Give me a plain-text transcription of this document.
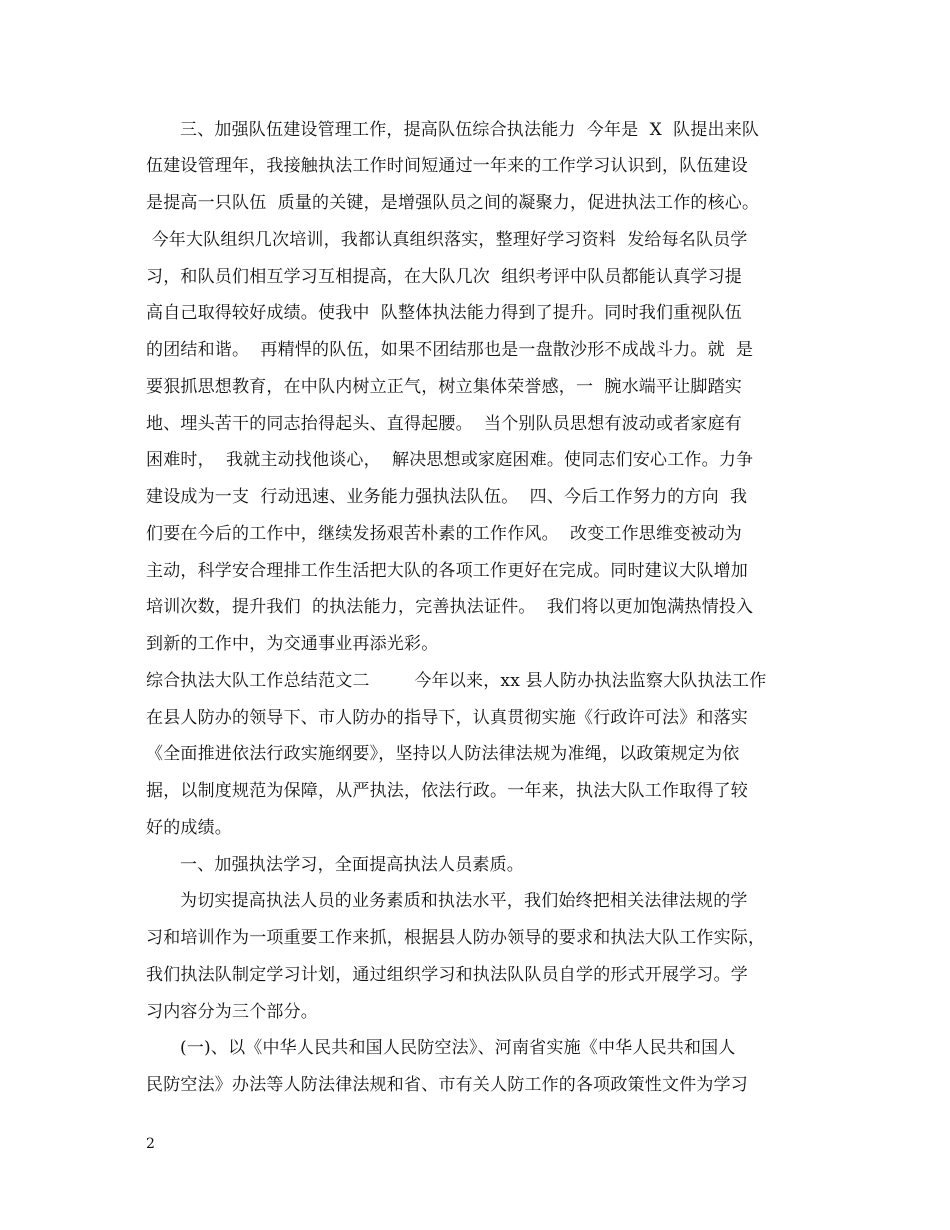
三、加强队伍建设管理工作，提高队伍综合执法能力  今年是  X  队提出来队
伍建设管理年，我接触执法工作时间短通过一年来的工作学习认识到，队伍建设
是提高一只队伍  质量的关键，是增强队员之间的凝聚力，促进执法工作的核心。
今年大队组织几次培训，我都认真组织落实，整理好学习资料  发给每名队员学
习，和队员们相互学习互相提高，在大队几次  组织考评中队员都能认真学习提
高自己取得较好成绩。使我中  队整体执法能力得到了提升。同时我们重视队伍
的团结和谐。  再精悍的队伍，如果不团结那也是一盘散沙形不成战斗力。就  是
要狠抓思想教育，在中队内树立正气，树立集体荣誉感，一  腕水端平让脚踏实
地、埋头苦干的同志抬得起头、直得起腰。  当个别队员思想有波动或者家庭有
困难时，  我就主动找他谈心，  解决思想或家庭困难。使同志们安心工作。力争
建设成为一支  行动迅速、业务能力强执法队伍。  四、今后工作努力的方向  我
们要在今后的工作中，继续发扬艰苦朴素的工作作风。  改变工作思维变被动为
主动，科学安合理排工作生活把大队的各项工作更好在完成。同时建议大队增加
培训次数，提升我们  的执法能力，完善执法证件。  我们将以更加饱满热情投入
到新的工作中，为交通事业再添光彩。
综合执法大队工作总结范文二        今年以来，xx 县人防办执法监察大队执法工作
在县人防办的领导下、市人防办的指导下，认真贯彻实施《行政许可法》和落实
《全面推进依法行政实施纲要》，坚持以人防法律法规为准绳，以政策规定为依
据，以制度规范为保障，从严执法，依法行政。一年来，执法大队工作取得了较
好的成绩。
一、加强执法学习，全面提高执法人员素质。
为切实提高执法人员的业务素质和执法水平，我们始终把相关法律法规的学
习和培训作为一项重要工作来抓，根据县人防办领导的要求和执法大队工作实际，
我们执法队制定学习计划，通过组织学习和执法队队员自学的形式开展学习。学
习内容分为三个部分。
(一)、以《中华人民共和国人民防空法》、河南省实施《中华人民共和国人
民防空法》办法等人防法律法规和省、市有关人防工作的各项政策性文件为学习
2
